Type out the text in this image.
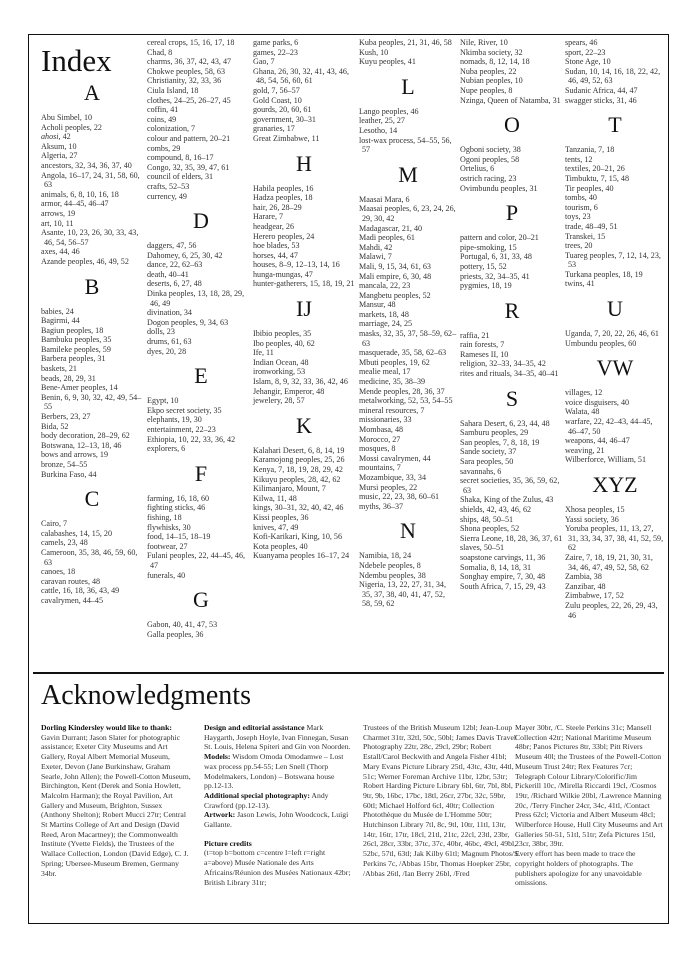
Index
A

Abu Simbel, 10

Acholi peoples, 22

ahosi, 42

Aksum, 10

Algeria, 27

ancestors, 32, 34, 36, 37, 40

Angola, 16–17, 24, 31, 58, 60, 63

animals, 6, 8, 10, 16, 18

armor, 44–45, 46–47

arrows, 19

art, 10, 11

Asante, 10, 23, 26, 30, 33, 43, 46, 54, 56–57

axes, 44, 46

Azande peoples, 46, 49, 52

B

babies, 24

Bagirmi, 44

Bagiun peoples, 18

Bambuku peoples, 35

Bamileke peoples, 59

Barbera peoples, 31

baskets, 21

beads, 28, 29, 31

Bene-Amer peoples, 14

Benin, 6, 9, 30, 32, 42, 49, 54–55

Berbers, 23, 27

Bida, 52

body decoration, 28–29, 62

Botswana, 12–13, 18, 46

bows and arrows, 19

bronze, 54–55

Burkina Faso, 44

C

Cairo, 7

calabashes, 14, 15, 20

camels, 23, 48

Cameroon, 35, 38, 46, 59, 60, 63

canoes, 18

caravan routes, 48

cattle, 16, 18, 36, 43, 49

cavalrymen, 44–45

cereal crops, 15, 16, 17, 18

Chad, 8

charms, 36, 37, 42, 43, 47

Chokwe peoples, 58, 63

Christianity, 32, 33, 36

Ciula Island, 18

clothes, 24–25, 26–27, 45

coffin, 41

coins, 49

colonization, 7

colour and pattern, 20–21

combs, 29

compound, 8, 16–17

Congo, 32, 35, 39, 47, 61

council of elders, 31

crafts, 52–53

currency, 49

D

daggers, 47, 56

Dahomey, 6, 25, 30, 42

dance, 22, 62–63

death, 40–41

deserts, 6, 27, 48

Dinka peoples, 13, 18, 28, 29, 46, 49

divination, 34

Dogon peoples, 9, 34, 63

dolls, 23

drums, 61, 63

dyes, 20, 28

E

Egypt, 10

Ekpo secret society, 35

elephants, 19, 30

entertainment, 22–23

Ethiopia, 10, 22, 33, 36, 42

explorers, 6

F

farming, 16, 18, 60

fighting sticks, 46

fishing, 18

flywhisks, 30

food, 14–15, 18–19

footwear, 27

Fulani peoples, 22, 44–45, 46, 47

funerals, 40

G

Gabon, 40, 41, 47, 53

Galla peoples, 36

game parks, 6

games, 22–23

Gao, 7

Ghana, 26, 30, 32, 41, 43, 46, 48, 54, 56, 60, 61

gold, 7, 56–57

Gold Coast, 10

gourds, 20, 60, 61

government, 30–31

granaries, 17

Great Zimbabwe, 11

H

Habila peoples, 16

Hadza peoples, 18

hair, 26, 28–29

Harare, 7

headgear, 26

Herero peoples, 24

hoe blades, 53

horses, 44, 47

houses, 8–9, 12–13, 14, 16

hunga-mungas, 47

hunter-gatherers, 15, 18, 19, 21

IJ

Ibibio peoples, 35

Ibo peoples, 40, 62

Ife, 11

Indian Ocean, 48

ironworking, 53

Islam, 8, 9, 32, 33, 36, 42, 46

Jehangir, Emperor, 48

jewelery, 28, 57

K

Kalahari Desert, 6, 8, 14, 19

Karamojong peoples, 25, 26

Kenya, 7, 18, 19, 28, 29, 42

Kikuyu peoples, 28, 42, 62

Kilimanjaro, Mount, 7

Kilwa, 11, 48

kings, 30–31, 32, 40, 42, 46

Kissi peoples, 36

knives, 47, 49

Kofi-Karikari, King, 10, 56

Kota peoples, 40

Kuanyama peoples 16–17, 24

Kuba peoples, 21, 31, 46, 58

Kush, 10

Kuyu peoples, 41

L

Lango peoples, 46

leather, 25, 27

Lesotho, 14

lost-wax process, 54–55, 56, 57

M

Maasai Mara, 6

Maasai peoples, 6, 23, 24, 26, 29, 30, 42

Madagascar, 21, 40

Madi peoples, 61

Mahdi, 42

Malawi, 7

Mali, 9, 15, 34, 61, 63

Mali empire, 6, 30, 48

mancala, 22, 23

Mangbetu peoples, 52

Mansur, 48

markets, 18, 48

marriage, 24, 25

masks, 32, 35, 37, 58–59, 62–63

masquerade, 35, 58, 62–63

Mbuti peoples, 19, 62

mealie meal, 17

medicine, 35, 38–39

Mende peoples, 28, 36, 37

metalworking, 52, 53, 54–55

mineral resources, 7

missionaries, 33

Mombasa, 48

Morocco, 27

mosques, 8

Mossi cavalrymen, 44

mountains, 7

Mozambique, 33, 34

Mursi peoples, 22

music, 22, 23, 38, 60–61

myths, 36–37

N

Namibia, 18, 24

Ndebele peoples, 8

Ndembu peoples, 38

Nigeria, 13, 22, 27, 31, 34, 35, 37, 38, 40, 41, 47, 52, 58, 59, 62

Nile, River, 10

Nkimba society, 32

nomads, 8, 12, 14, 18

Nuba peoples, 22

Nubian peoples, 10

Nupe peoples, 8

Nzinga, Queen of Natamba, 31

O

Ogboni society, 38

Ogoni peoples, 58

Ortelius, 6

ostrich racing, 23

Ovimbundu peoples, 31

P

pattern and color, 20–21

pipe-smoking, 15

Portugal, 6, 31, 33, 48

pottery, 15, 52

priests, 32, 34–35, 41

pygmies, 18, 19

R

raffia, 21

rain forests, 7

Rameses II, 10

religion, 32–33, 34–35, 42

rites and rituals, 34–35, 40–41

S

Sahara Desert, 6, 23, 44, 48

Samburu peoples, 29

San peoples, 7, 8, 18, 19

Sande society, 37

Sara peoples, 50

savannahs, 6

secret societies, 35, 36, 59, 62, 63

Shaka, King of the Zulus, 43

shields, 42, 43, 46, 62

ships, 48, 50–51

Shona peoples, 52

Sierra Leone, 18, 28, 36, 37, 61

slaves, 50–51

soapstone carvings, 11, 36

Somalia, 8, 14, 18, 31

Songhay empire, 7, 30, 48

South Africa, 7, 15, 29, 43

spears, 46

sport, 22–23

Stone Age, 10

Sudan, 10, 14, 16, 18, 22, 42, 46, 49, 52, 63

Sudanic Africa, 44, 47

swagger sticks, 31, 46

T

Tanzania, 7, 18

tents, 12

textiles, 20–21, 26

Timbuktu, 7, 15, 48

Tir peoples, 40

tombs, 40

tourism, 6

toys, 23

trade, 48–49, 51

Transkei, 15

trees, 20

Tuareg peoples, 7, 12, 14, 23, 53

Turkana peoples, 18, 19

twins, 41

U

Uganda, 7, 20, 22, 26, 46, 61

Umbundu peoples, 60

VW

villages, 12

voice disguisers, 40

Walata, 48

warfare, 22, 42–43, 44–45, 46–47, 50

weapons, 44, 46–47

weaving, 21

Wilberforce, William, 51

XYZ

Xhosa peoples, 15

Yassi society, 36

Yoruba peoples, 11, 13, 27, 31, 33, 34, 37, 38, 41, 52, 59, 62

Zaire, 7, 18, 19, 21, 30, 31, 34, 46, 47, 49, 52, 58, 62

Zambia, 38

Zanzibar, 48

Zimbabwe, 17, 52

Zulu peoples, 22, 26, 29, 43, 46

Acknowledgments

Dorling Kindersley would like to thank:

Gavin Durrant; Jason Slater for photographic assistance; Exeter City Museums and Art Gallery, Royal Albert Memorial Museum, Exeter, Devon (Jane Burkinshaw, Graham Searle, John Allen); the Powell-Cotton Museum, Birchington, Kent (Derek and Sonia Howlett, Malcolm Harman); the Royal Pavilion, Art Gallery and Museum, Brighton, Sussex (Anthony Shelton); Robert Mucci 27tr; Central St Martins College of Art and Design (David Reed, Aron Macartney); the Commonwealth Institute (Yvette Fields), the Trustees of the Wallace Collection, London (David Edge), C. J. Spring; Ubersee-Museum Bremen, Germany 34br.

Design and editorial assistance Mark Haygarth, Joseph Hoyle, Ivan Finnegan, Susan St. Louis, Helena Spiteri and Gin von Noorden.

Models: Wisdom Omoda Omodamwe – Lost wax process pp.54-55; Len Snell (Thorp Modelmakers, London) – Botswana house pp.12-13.

Additional special photography: Andy Crawford (pp.12-13).

Artwork: Jason Lewis, John Woodcock, Luigi Gallante.

Picture credits

(t=top b=bottom c=centre l=left r=right a=above) Musée Nationale des Arts Africains/Réunion des Musées Nationaux 42br; British Library 31tr;

Trustees of the British Museum 12bl; Jean-Loup Charmet 31tr, 32tl, 50c, 50bl; James Davis Travel Photography 22tr, 28c, 29cl, 29br; Robert Estall/Carol Beckwith and Angela Fisher 41bl; Mary Evans Picture Library 25tl, 43tc, 43tr, 44tl, 51c; Werner Foreman Archive 11br, 12br, 53tr; Robert Harding Picture Library 6bl, 6tr, 7bl, 8bl, 9tr, 9b, 16bc, 17bc, 18tl, 26cr, 27br, 32c, 59br, 60tl; Michael Holford 6cl, 40tr; Collection Photothèque du Musée de L'Homme 50tr; Hutchinson Library 7tl, 8c, 9tl, 10tr, 11tl, 13tr, 14tr, 16tr, 17tr, 18cl, 21tl, 21tc, 22cl, 23tl, 23br, 26cl, 28cr, 33br, 37tc, 37c, 40br, 46bc, 49cl, 49bl, 52bc, 57tl, 63tl; Jak Kilby 61tl; Magnum Photos/S. Perkins 7c, /Abbas 15br, Thomas Hoepker 25br, /Abbas 26tl, /Ian Berry 26bl, /Fred

Mayer 30br, /C. Steele Perkins 31c; Mansell Collection 42tr; National Maritime Museum 48br; Panos Pictures 8tr, 33bl; Pitt Rivers Museum 40l; the Trustees of the Powell-Cotton Museum Trust 24tr; Rex Features 7cr; Telegraph Colour Library/Colorific/Jim Pickerill 10c, /Mirella Riccardi 19cl, /Cosmos 19tr, /Richard Wilkie 20bl, /Lawrence Manning 20c, /Terry Fincher 24cr, 34c, 41tl, /Contact Press 62cl; Victoria and Albert Museum 48cl; Wilberforce House, Hull City Museums and Art Galleries 50-51, 51tl, 51tr; Zefa Pictures 15tl, 23cr, 38br, 39tr.

Every effort has been made to trace the copyright holders of photographs. The publishers apologize for any unavoidable omissions.
